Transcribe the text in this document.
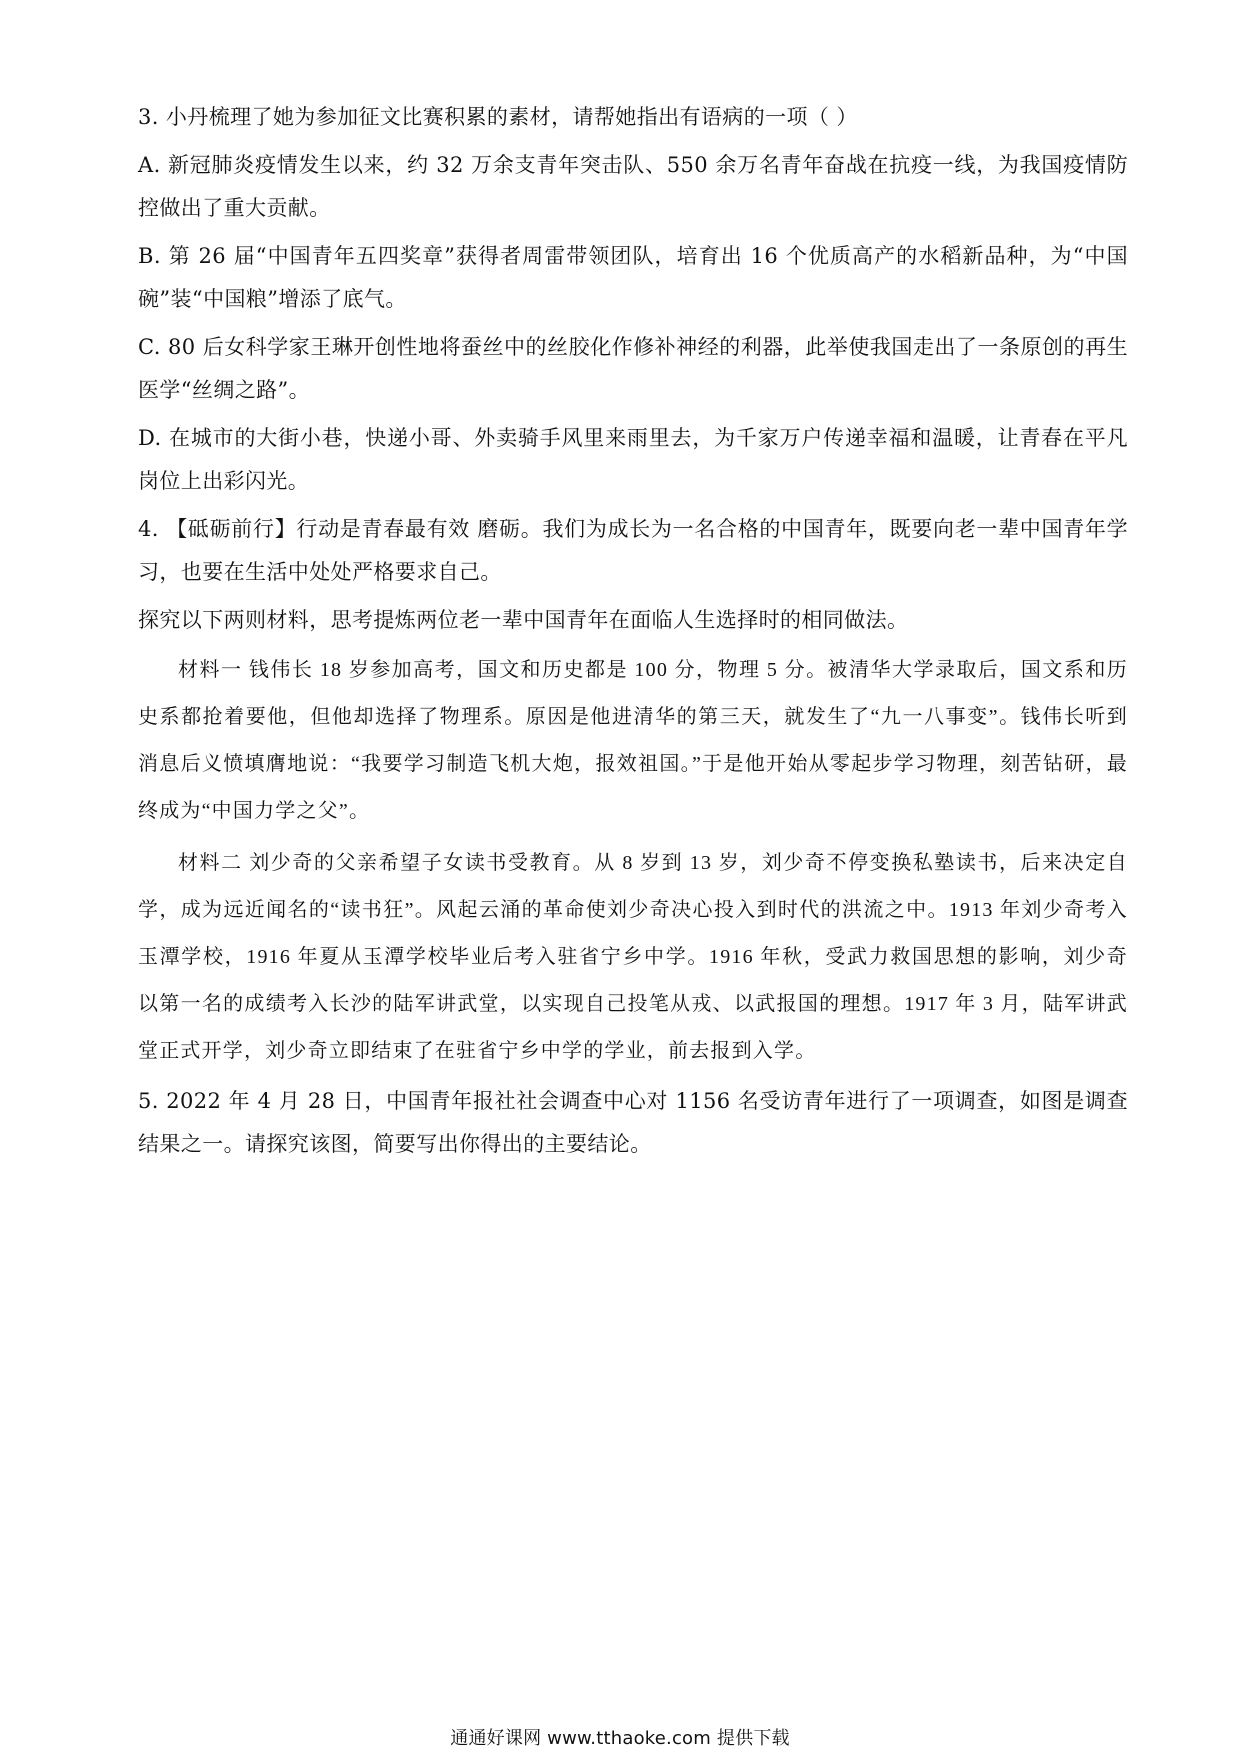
3. 小丹梳理了她为参加征文比赛积累的素材，请帮她指出有语病的一项（ ）

A. 新冠肺炎疫情发生以来，约 32 万余支青年突击队、550 余万名青年奋战在抗疫一线，为我国疫情防控做出了重大贡献。

B. 第 26 届“中国青年五四奖章”获得者周雷带领团队，培育出 16 个优质高产的水稻新品种，为“中国碗”装“中国粮”增添了底气。

C. 80 后女科学家王琳开创性地将蚕丝中的丝胶化作修补神经的利器，此举使我国走出了一条原创的再生医学“丝绸之路”。

D. 在城市的大街小巷，快递小哥、外卖骑手风里来雨里去，为千家万户传递幸福和温暖，让青春在平凡岗位上出彩闪光。

4. 【砥砺前行】行动是青春最有效 磨砺。我们为成长为一名合格的中国青年，既要向老一辈中国青年学习，也要在生活中处处严格要求自己。

探究以下两则材料，思考提炼两位老一辈中国青年在面临人生选择时的相同做法。

材料一 钱伟长 18 岁参加高考，国文和历史都是 100 分，物理 5 分。被清华大学录取后，国文系和历史系都抢着要他，但他却选择了物理系。原因是他进清华的第三天，就发生了“九一八事变”。钱伟长听到消息后义愤填膺地说：“我要学习制造飞机大炮，报效祖国。”于是他开始从零起步学习物理，刻苦钻研，最终成为“中国力学之父”。

材料二 刘少奇的父亲希望子女读书受教育。从 8 岁到 13 岁，刘少奇不停变换私塾读书，后来决定自学，成为远近闻名的“读书狂”。风起云涌的革命使刘少奇决心投入到时代的洪流之中。1913 年刘少奇考入玉潭学校，1916 年夏从玉潭学校毕业后考入驻省宁乡中学。1916 年秋，受武力救国思想的影响，刘少奇以第一名的成绩考入长沙的陆军讲武堂，以实现自己投笔从戎、以武报国的理想。1917 年 3 月，陆军讲武堂正式开学，刘少奇立即结束了在驻省宁乡中学的学业，前去报到入学。

5. 2022 年 4 月 28 日，中国青年报社社会调查中心对 1156 名受访青年进行了一项调查，如图是调查结果之一。请探究该图，简要写出你得出的主要结论。

通通好课网 www.tthaoke.com 提供下载
